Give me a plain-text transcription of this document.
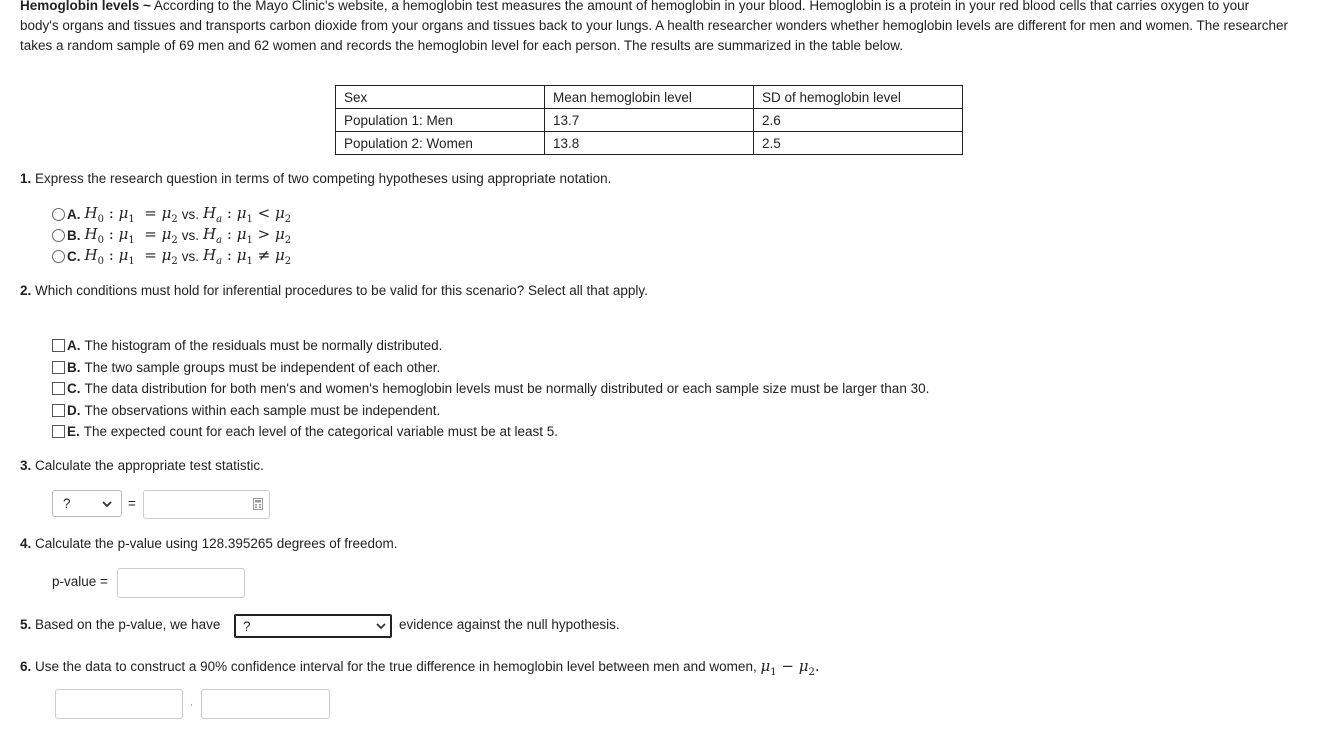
Hemoglobin levels ~ According to the Mayo Clinic's website, a hemoglobin test measures the amount of hemoglobin in your blood. Hemoglobin is a protein in your red blood cells that carries oxygen to your body's organs and tissues and transports carbon dioxide from your organs and tissues back to your lungs. A health researcher wonders whether hemoglobin levels are different for men and women. The researcher takes a random sample of 69 men and 62 women and records the hemoglobin level for each person. The results are summarized in the table below.
Sex	Mean hemoglobin level	SD of hemoglobin level
Population 1: Men	13.7	2.6
Population 2: Women	13.8	2.5
1. Express the research question in terms of two competing hypotheses using appropriate notation.
A. $H_0$ : $\mu_1 = \mu_2$ vs. $H_a$ : $\mu_1 < \mu_2$
B. $H_0$ : $\mu_1 = \mu_2$ vs. $H_a$ : $\mu_1 > \mu_2$
C. $H_0$ : $\mu_1 = \mu_2$ vs. $H_a$ : $\mu_1 \ne \mu_2$
2. Which conditions must hold for inferential procedures to be valid for this scenario? Select all that apply.
A. The histogram of the residuals must be normally distributed.
B. The two sample groups must be independent of each other.
C. The data distribution for both men's and women's hemoglobin levels must be normally distributed or each sample size must be larger than 30.
D. The observations within each sample must be independent.
E. The expected count for each level of the categorical variable must be at least 5.
3. Calculate the appropriate test statistic.
?	=
4. Calculate the p-value using 128.395265 degrees of freedom.
p-value =
5. Based on the p-value, we have ?	evidence against the null hypothesis.
6. Use the data to construct a 90% confidence interval for the true difference in hemoglobin level between men and women, $\mu_1 - \mu_2$.
,
